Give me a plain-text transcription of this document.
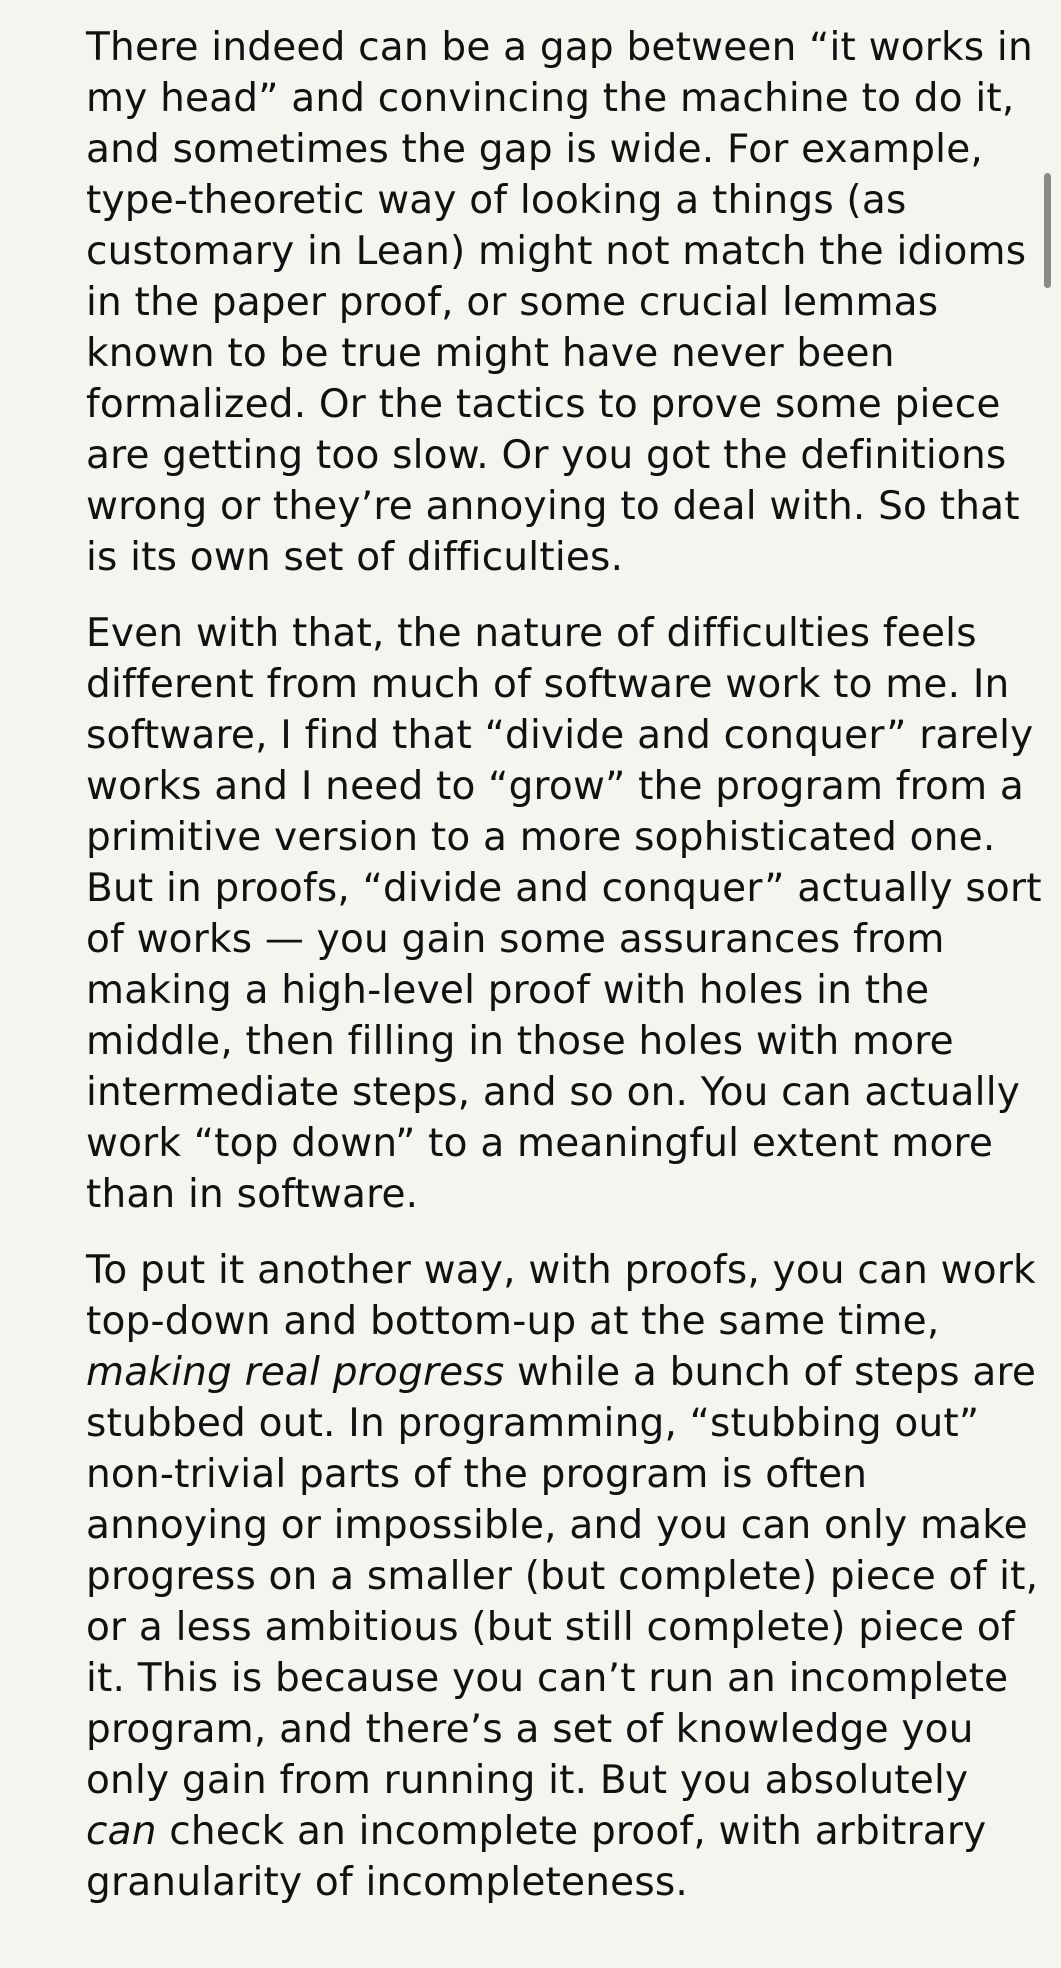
There indeed can be a gap between “it works in my head” and convincing the machine to do it, and sometimes the gap is wide. For example, type-theoretic way of looking a things (as customary in Lean) might not match the idioms in the paper proof, or some crucial lemmas known to be true might have never been formalized. Or the tactics to prove some piece are getting too slow. Or you got the definitions wrong or they’re annoying to deal with. So that is its own set of difficulties.

Even with that, the nature of difficulties feels different from much of software work to me. In software, I find that “divide and conquer” rarely works and I need to “grow” the program from a primitive version to a more sophisticated one. But in proofs, “divide and conquer” actually sort of works — you gain some assurances from making a high-level proof with holes in the middle, then filling in those holes with more intermediate steps, and so on. You can actually work “top down” to a meaningful extent more than in software.

To put it another way, with proofs, you can work top-down and bottom-up at the same time, making real progress while a bunch of steps are stubbed out. In programming, “stubbing out” non-trivial parts of the program is often annoying or impossible, and you can only make progress on a smaller (but complete) piece of it, or a less ambitious (but still complete) piece of it. This is because you can’t run an incomplete program, and there’s a set of knowledge you only gain from running it. But you absolutely can check an incomplete proof, with arbitrary granularity of incompleteness.
